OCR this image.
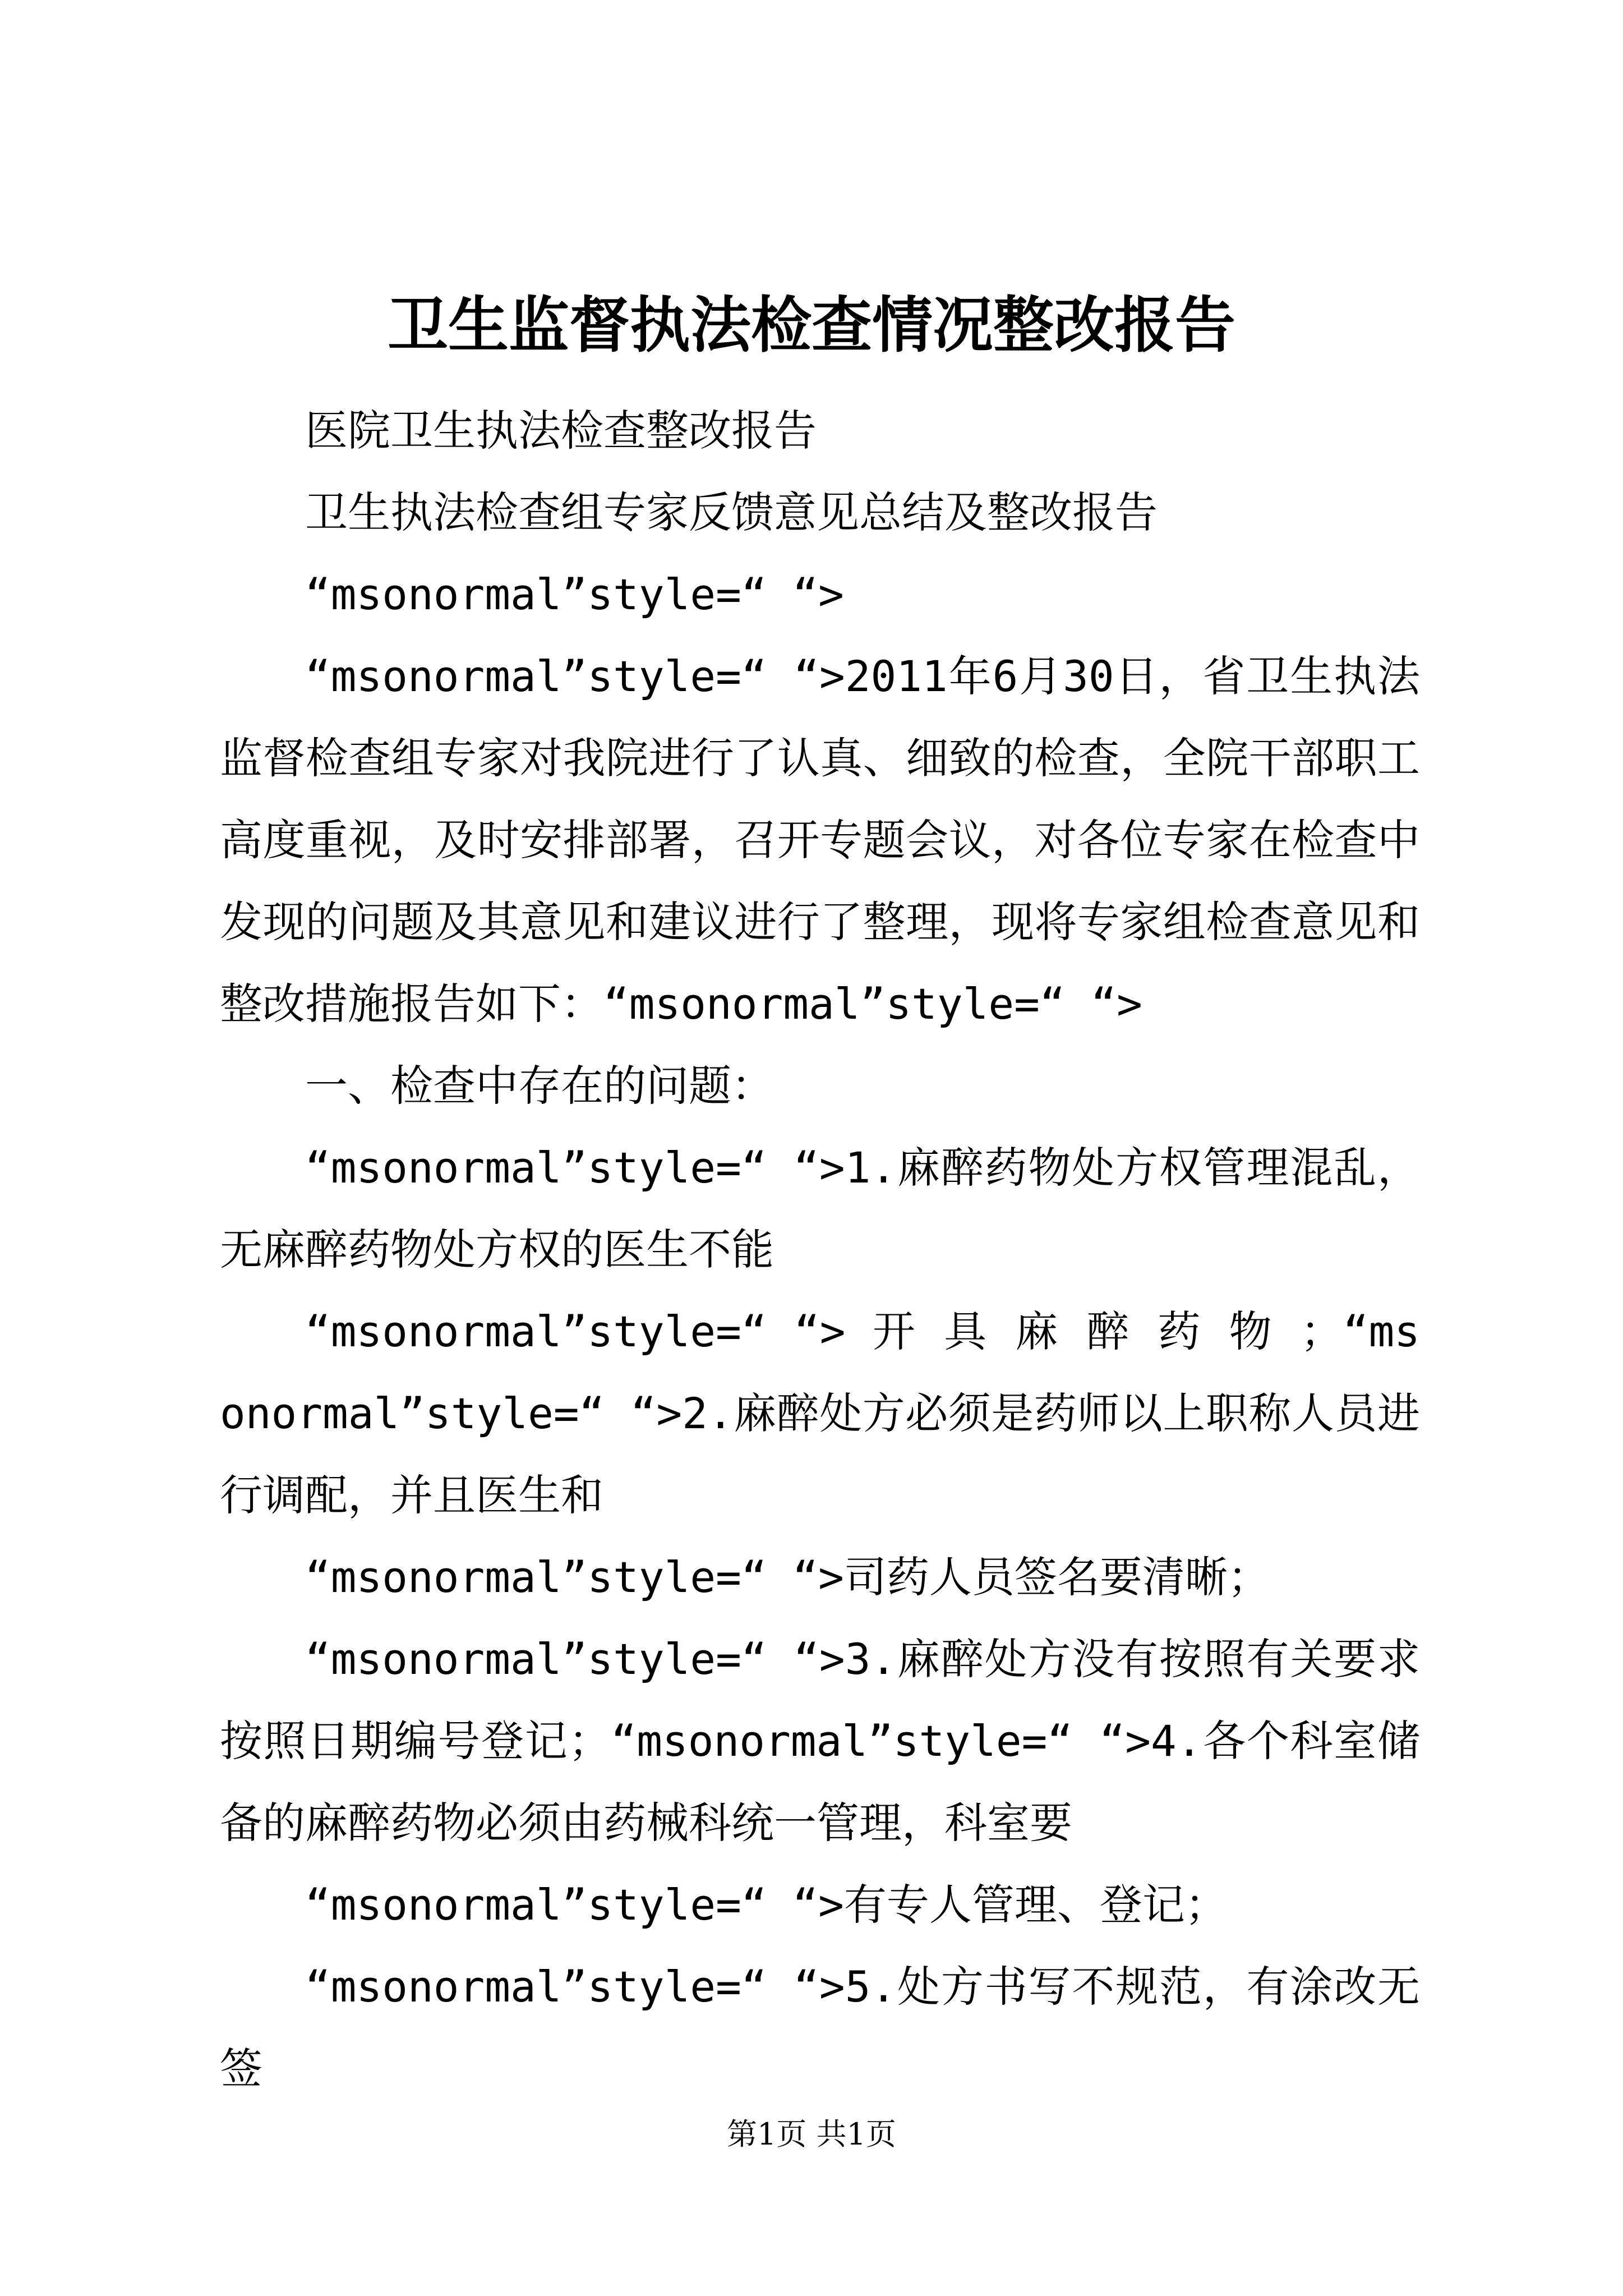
卫生监督执法检查情况整改报告

医院卫生执法检查整改报告

卫生执法检查组专家反馈意见总结及整改报告

“msonormal”style=“ “>

“msonormal”style=“ “>2011年6月30日，省卫生执法监督检查组专家对我院进行了认真、细致的检查，全院干部职工高度重视，及时安排部署，召开专题会议，对各位专家在检查中发现的问题及其意见和建议进行了整理，现将专家组检查意见和整改措施报告如下：“msonormal”style=“ “>

一、检查中存在的问题：

“msonormal”style=“ “>1.麻醉药物处方权管理混乱，无麻醉药物处方权的医生不能

“msonormal”style=“ “> 开 具 麻 醉 药 物 ；“msonormal”style=“ “>2.麻醉处方必须是药师以上职称人员进行调配，并且医生和

“msonormal”style=“ “>司药人员签名要清晰；

“msonormal”style=“ “>3.麻醉处方没有按照有关要求按照日期编号登记；“msonormal”style=“ “>4.各个科室储备的麻醉药物必须由药械科统一管理，科室要

“msonormal”style=“ “>有专人管理、登记；

“msonormal”style=“ “>5.处方书写不规范，有涂改无签

第1页 共1页
